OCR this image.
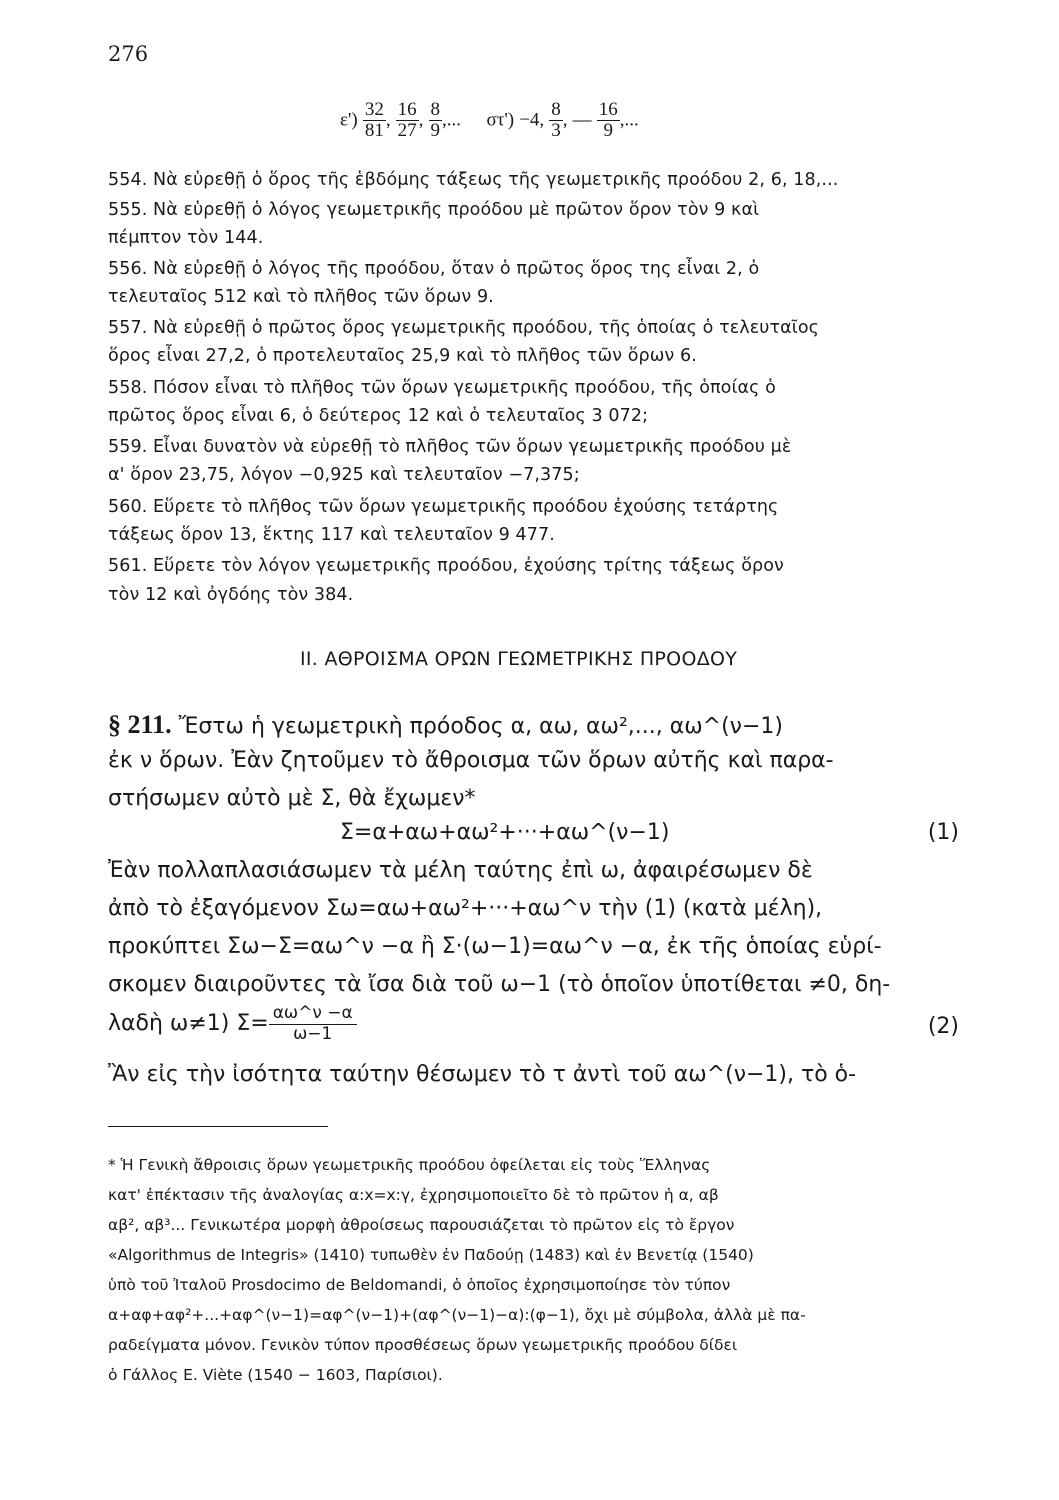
276
$\varepsilon') \frac{32}{81}$ , $\frac{16}{27}$ , $\frac{8}{9}$ ,... στ') −4, $\frac{8}{3}$ , — $\frac{16}{9}$ ,...
554. Νὰ εὑρεθῇ ὁ ὅρος τῆς ἑβδόμης τάξεως τῆς γεωμετρικῆς προόδου 2, 6, 18,...
555. Νὰ εὑρεθῇ ὁ λόγος γεωμετρικῆς προόδου μὲ πρῶτον ὅρον τὸν 9 καὶ
πέμπτον τὸν 144.
556. Νὰ εὑρεθῇ ὁ λόγος τῆς προόδου, ὅταν ὁ πρῶτος ὅρος της εἶναι 2, ὁ
τελευταῖος 512 καὶ τὸ πλῆθος τῶν ὅρων 9.
557. Νὰ εὑρεθῇ ὁ πρῶτος ὅρος γεωμετρικῆς προόδου, τῆς ὁποίας ὁ τελευταῖος
ὅρος εἶναι 27,2, ὁ προτελευταῖος 25,9 καὶ τὸ πλῆθος τῶν ὅρων 6.
558. Πόσον εἶναι τὸ πλῆθος τῶν ὅρων γεωμετρικῆς προόδου, τῆς ὁποίας ὁ
πρῶτος ὅρος εἶναι 6, ὁ δεύτερος 12 καὶ ὁ τελευταῖος 3 072;
559. Εἶναι δυνατὸν νὰ εὑρεθῇ τὸ πλῆθος τῶν ὅρων γεωμετρικῆς προόδου μὲ
α' ὅρον 23,75, λόγον −0,925 καὶ τελευταῖον −7,375;
560. Εὕρετε τὸ πλῆθος τῶν ὅρων γεωμετρικῆς προόδου ἐχούσης τετάρτης
τάξεως ὅρον 13, ἕκτης 117 καὶ τελευταῖον 9 477.
561. Εὕρετε τὸν λόγον γεωμετρικῆς προόδου, ἐχούσης τρίτης τάξεως ὅρον
τὸν 12 καὶ ὀγδόης τὸν 384.
II. ΑΘΡΟΙΣΜΑ ΟΡΩΝ ΓΕΩΜΕΤΡΙΚΗΣ ΠΡΟΟΔΟΥ
§ 211. Ἔστω ἡ γεωμετρικὴ πρόοδος α, αω, αω²,..., αω^(ν−1)
ἐκ ν ὅρων. Ἐὰν ζητοῦμεν τὸ ἄθροισμα τῶν ὅρων αὐτῆς καὶ παρα-
στήσωμεν αὐτὸ μὲ Σ, θὰ ἔχωμεν*
Σ=α+αω+αω²+···+αω^(ν−1)	(1)
Ἐὰν πολλαπλασιάσωμεν τὰ μέλη ταύτης ἐπὶ ω, ἀφαιρέσωμεν δὲ
ἀπὸ τὸ ἐξαγόμενον Σω=αω+αω²+···+αω^ν τὴν (1) (κατὰ μέλη),
προκύπτει Σω−Σ=αω^ν −α ἢ Σ·(ω−1)=αω^ν −α, ἐκ τῆς ὁποίας εὑρί-
σκομεν διαιροῦντες τὰ ἴσα διὰ τοῦ ω−1 (τὸ ὁποῖον ὑποτίθεται ≠0, δη-
λαδὴ ω≠1) $\Sigma= \frac{\alpha\omega\^{}\nu -\alpha}{\omega-1}$	(2)
Ἂν εἰς τὴν ἰσότητα ταύτην θέσωμεν τὸ τ ἀντὶ τοῦ αω^(ν−1), τὸ ὁ-
* Ἡ Γενικὴ ἄθροισις ὅρων γεωμετρικῆς προόδου ὀφείλεται εἰς τοὺς Ἕλληνας
κατ' ἐπέκτασιν τῆς ἀναλογίας α:x=x:γ, ἐχρησιμοποιεῖτο δὲ τὸ πρῶτον ἡ α, αβ
αβ², αβ³... Γενικωτέρα μορφὴ ἀθροίσεως παρουσιάζεται τὸ πρῶτον εἰς τὸ ἔργον
«Algorithmus de Integris» (1410) τυπωθὲν ἐν Παδούῃ (1483) καὶ ἐν Βενετίᾳ (1540)
ὑπὸ τοῦ Ἰταλοῦ Prosdocimo de Beldomandi, ὁ ὁποῖος ἐχρησιμοποίησε τὸν τύπον
α+αφ+αφ²+...+αφ^(ν−1)=αφ^(ν−1)+(αφ^(ν−1)−α):(φ−1), ὄχι μὲ σύμβολα, ἀλλὰ μὲ πα-
ραδείγματα μόνον. Γενικὸν τύπον προσθέσεως ὅρων γεωμετρικῆς προόδου δίδει
ὁ Γάλλος Ε. Viète (1540 − 1603, Παρίσιοι).
